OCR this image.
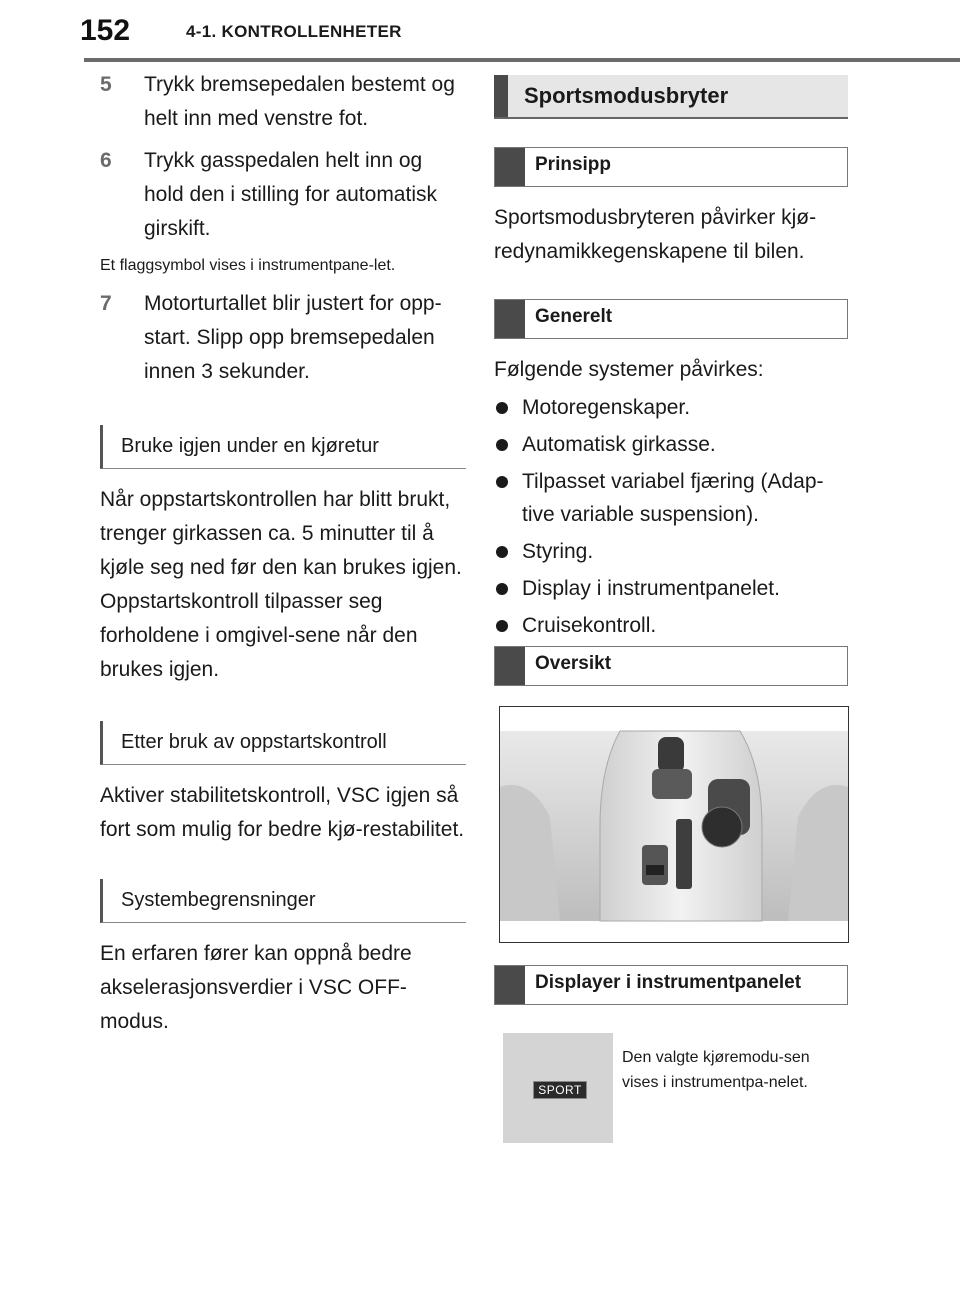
152	4-1. KONTROLLENHETER
5 Trykk bremsepedalen bestemt og helt inn med venstre fot.
6 Trykk gasspedalen helt inn og hold den i stilling for automatisk girskift.
Et flaggsymbol vises i instrumentpane-let.
7 Motorturtallet blir justert for opp-start. Slipp opp bremsepedalen innen 3 sekunder.
Bruke igjen under en kjøretur
Når oppstartskontrollen har blitt brukt, trenger girkassen ca. 5 minutter til å kjøle seg ned før den kan brukes igjen. Oppstartskontroll tilpasser seg forholdene i omgivel-sene når den brukes igjen.
Etter bruk av oppstartskontroll
Aktiver stabilitetskontroll, VSC igjen så fort som mulig for bedre kjø-restabilitet.
Systembegrensninger
En erfaren fører kan oppnå bedre akselerasjonsverdier i VSC OFF-modus.
Sportsmodusbryter
Prinsipp
Sportsmodusbryteren påvirker kjø-redynamikkegenskapene til bilen.
Generelt
Følgende systemer påvirkes:
Motoregenskaper.
Automatisk girkasse.
Tilpasset variabel fjæring (Adap-tive variable suspension).
Styring.
Display i instrumentpanelet.
Cruisekontroll.
Oversikt
Displayer i instrumentpanelet
SPORT
Den valgte kjøremodu-sen vises i instrumentpa-nelet.
